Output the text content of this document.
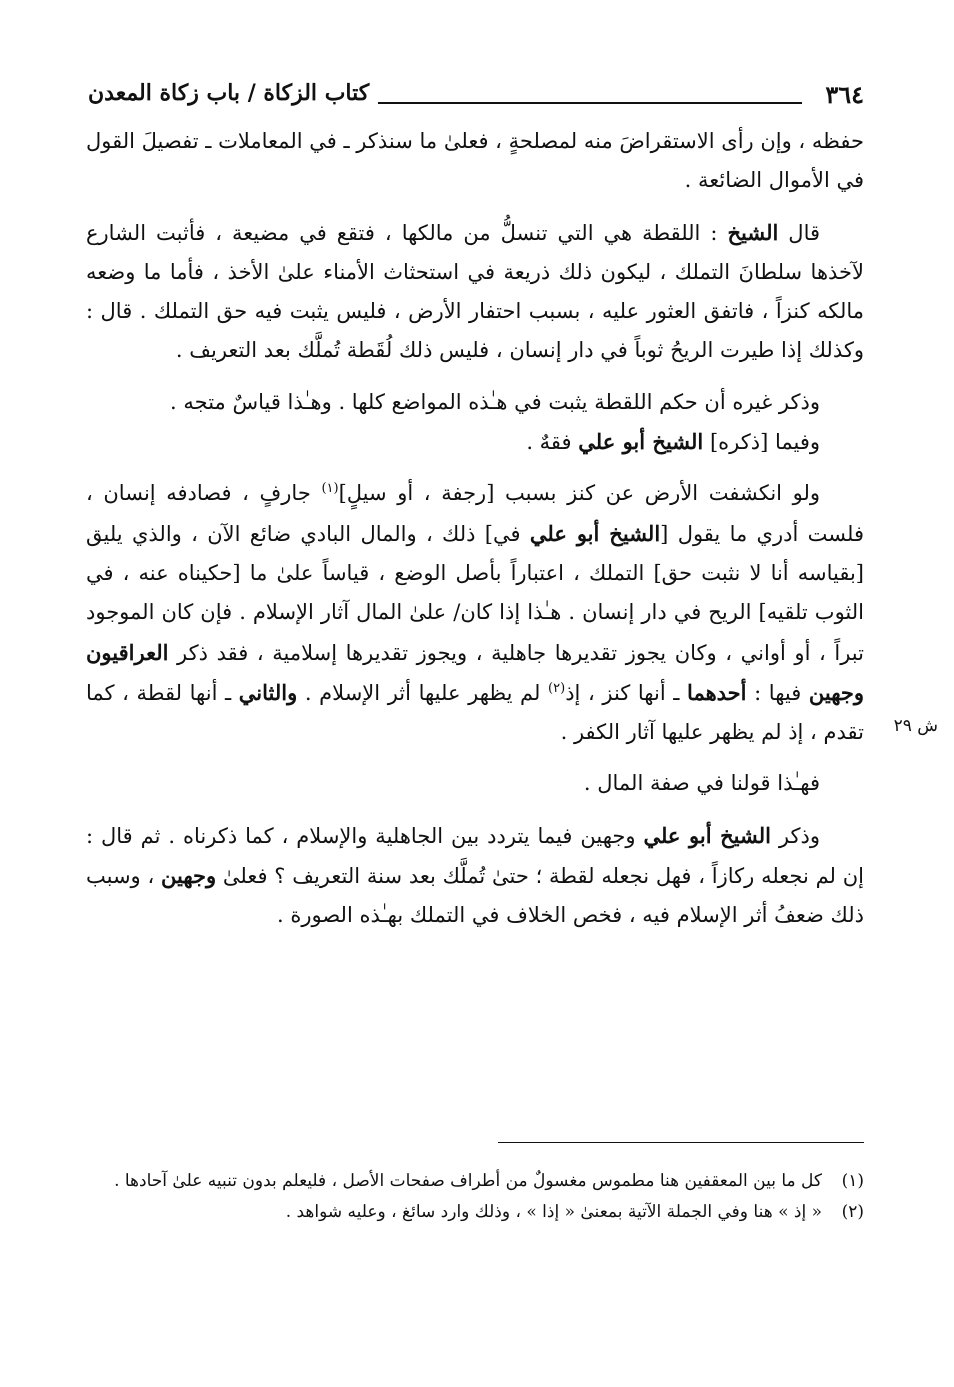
٣٦٤
كتاب الزكاة / باب زكاة المعدن
ش ٢٩

حفظه ، وإن رأى الاستقراضَ منه لمصلحةٍ ، فعلىٰ ما سنذكر ـ في المعاملات ـ تفصيلَ القول في الأموال الضائعة .

قال الشيخ : اللقطة هي التي تنسلُّ من مالكها ، فتقع في مضيعة ، فأثبت الشارع لآخذها سلطانَ التملك ، ليكون ذلك ذريعة في استحثاث الأمناء علىٰ الأخذ ، فأما ما وضعه مالكه كنزاً ، فاتفق العثور عليه ، بسبب احتفار الأرض ، فليس يثبت فيه حق التملك . قال : وكذلك إذا طيرت الريحُ ثوباً في دار إنسان ، فليس ذلك لُقَطة تُملَّك بعد التعريف .

وذكر غيره أن حكم اللقطة يثبت في هـٰذه المواضع كلها . وهـٰذا قياسٌ متجه .

وفيما [ذكره] الشيخ أبو علي فقهٌ .

ولو انكشفت الأرض عن كنز بسبب [رجفة ، أو سيلٍ]$^{(١)}$ جارفٍ ، فصادفه إنسان ، فلست أدري ما يقول [الشيخ أبو علي في] ذلك ، والمال البادي ضائع الآن ، والذي يليق [بقياسه أنا لا نثبت حق] التملك ، اعتباراً بأصل الوضع ، قياساً علىٰ ما [حكيناه عنه ، في الثوب تلقيه] الريح في دار إنسان . هـٰذا إذا كان/ علىٰ المال آثار الإسلام . فإن كان الموجود تبراً ، أو أواني ، وكان يجوز تقديرها جاهلية ، ويجوز تقديرها إسلامية ، فقد ذكر العراقيون وجهين فيها : أحدهما ـ أنها كنز ، إذ$^{(٢)}$ لم يظهر عليها أثر الإسلام . والثاني ـ أنها لقطة ، كما تقدم ، إذ لم يظهر عليها آثار الكفر .

فهـٰذا قولنا في صفة المال .

وذكر الشيخ أبو علي وجهين فيما يتردد بين الجاهلية والإسلام ، كما ذكرناه . ثم قال : إن لم نجعله ركازاً ، فهل نجعله لقطة ؛ حتىٰ تُملَّك بعد سنة التعريف ؟ فعلىٰ وجهين ، وسبب ذلك ضعفُ أثر الإسلام فيه ، فخص الخلاف في التملك بهـٰذه الصورة .

(١)
كل ما بين المعقفين هنا مطموس مغسولٌ من أطراف صفحات الأصل ، فليعلم بدون تنبيه علىٰ آحادها .
(٢)
« إذ » هنا وفي الجملة الآتية بمعنىٰ « إذا » ، وذلك وارد سائغ ، وعليه شواهد .
